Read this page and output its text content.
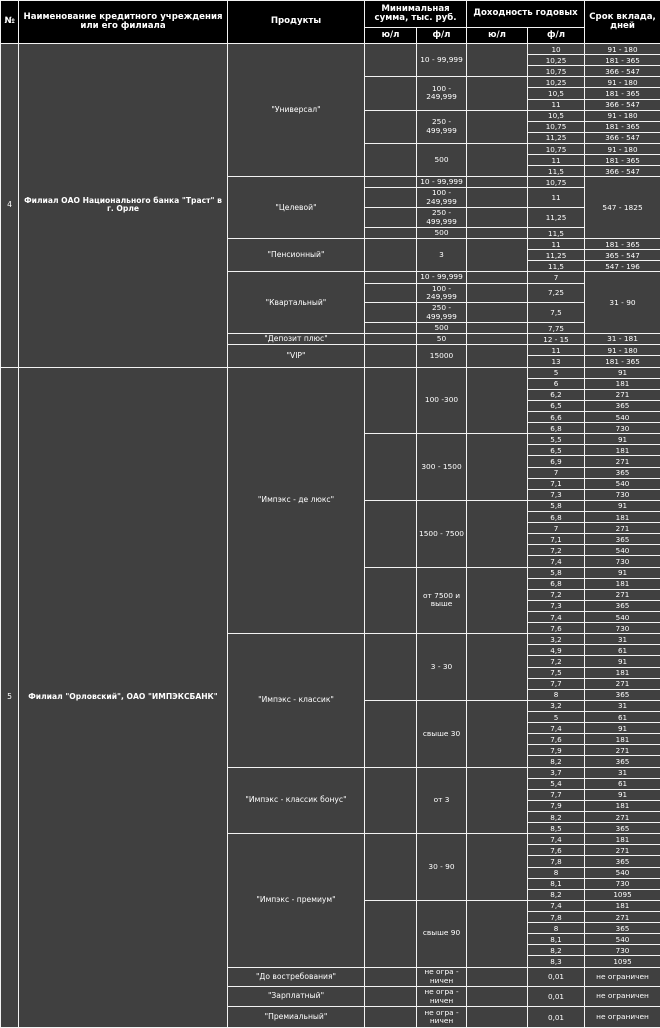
№	Наименование кредитного учреждения или его филиала	Продукты	Минимальная сумма, тыс. руб.		Доходность годовых		Срок вклада, дней
			ю/л	ф/л	ю/л	ф/л	
4	Филиал ОАО Национального банка "Траст" в г. Орле	"Универсал"		10 - 99,999		10	91 - 180
						10,25	181 - 365
						10,75	366 - 547
				100 - 249,999		10,25	91 - 180
						10,5	181 - 365
						11	366 - 547
				250 - 499,999		10,5	91 - 180
						10,75	181 - 365
						11,25	366 - 547
				500		10,75	91 - 180
						11	181 - 365
						11,5	366 - 547
		"Целевой"		10 - 99,999		10,75	547 - 1825
				100 - 249,999		11	
				250 - 499,999		11,25	
				500		11,5	
		"Пенсионный"		3		11	181 - 365
						11,25	365 - 547
						11,5	547 - 196
		"Квартальный"		10 - 99,999		7	31 - 90
				100 - 249,999		7,25	
				250 - 499,999		7,5	
				500		7,75	
		"Депозит плюс"		50		12 - 15	31 - 181
		"VIP"		15000		11	91 - 180
						13	181 - 365
5	Филиал "Орловский", ОАО "ИМПЭКСБАНК"	"Импэкс - де люкс"		100 -300		5	91
						6	181
						6,2	271
						6,5	365
						6,6	540
						6,8	730
				300 - 1500		5,5	91
						6,5	181
						6,9	271
						7	365
						7,1	540
						7,3	730
				1500 - 7500		5,8	91
						6,8	181
						7	271
						7,1	365
						7,2	540
						7,4	730
				от 7500 и выше		5,8	91
						6,8	181
						7,2	271
						7,3	365
						7,4	540
						7,6	730
		"Импэкс - классик"		3 - 30		3,2	31
						4,9	61
						7,2	91
						7,5	181
						7,7	271
						8	365
				свыше 30		3,2	31
						5	61
						7,4	91
						7,6	181
						7,9	271
						8,2	365
		"Импэкс - классик бонус"		от 3		3,7	31
						5,4	61
						7,7	91
						7,9	181
						8,2	271
						8,5	365
		"Импэкс - премиум"		30 - 90		7,4	181
						7,6	271
						7,8	365
						8	540
						8,1	730
						8,2	1095
				свыше 90		7,4	181
						7,8	271
						8	365
						8,1	540
						8,2	730
						8,3	1095
		"До востребования"		не огра - ничен		0,01	не ограничен
		"Зарплатный"		не огра - ничен		0,01	не ограничен
		"Премиальный"		не огра - ничен		0,01	не ограничен
